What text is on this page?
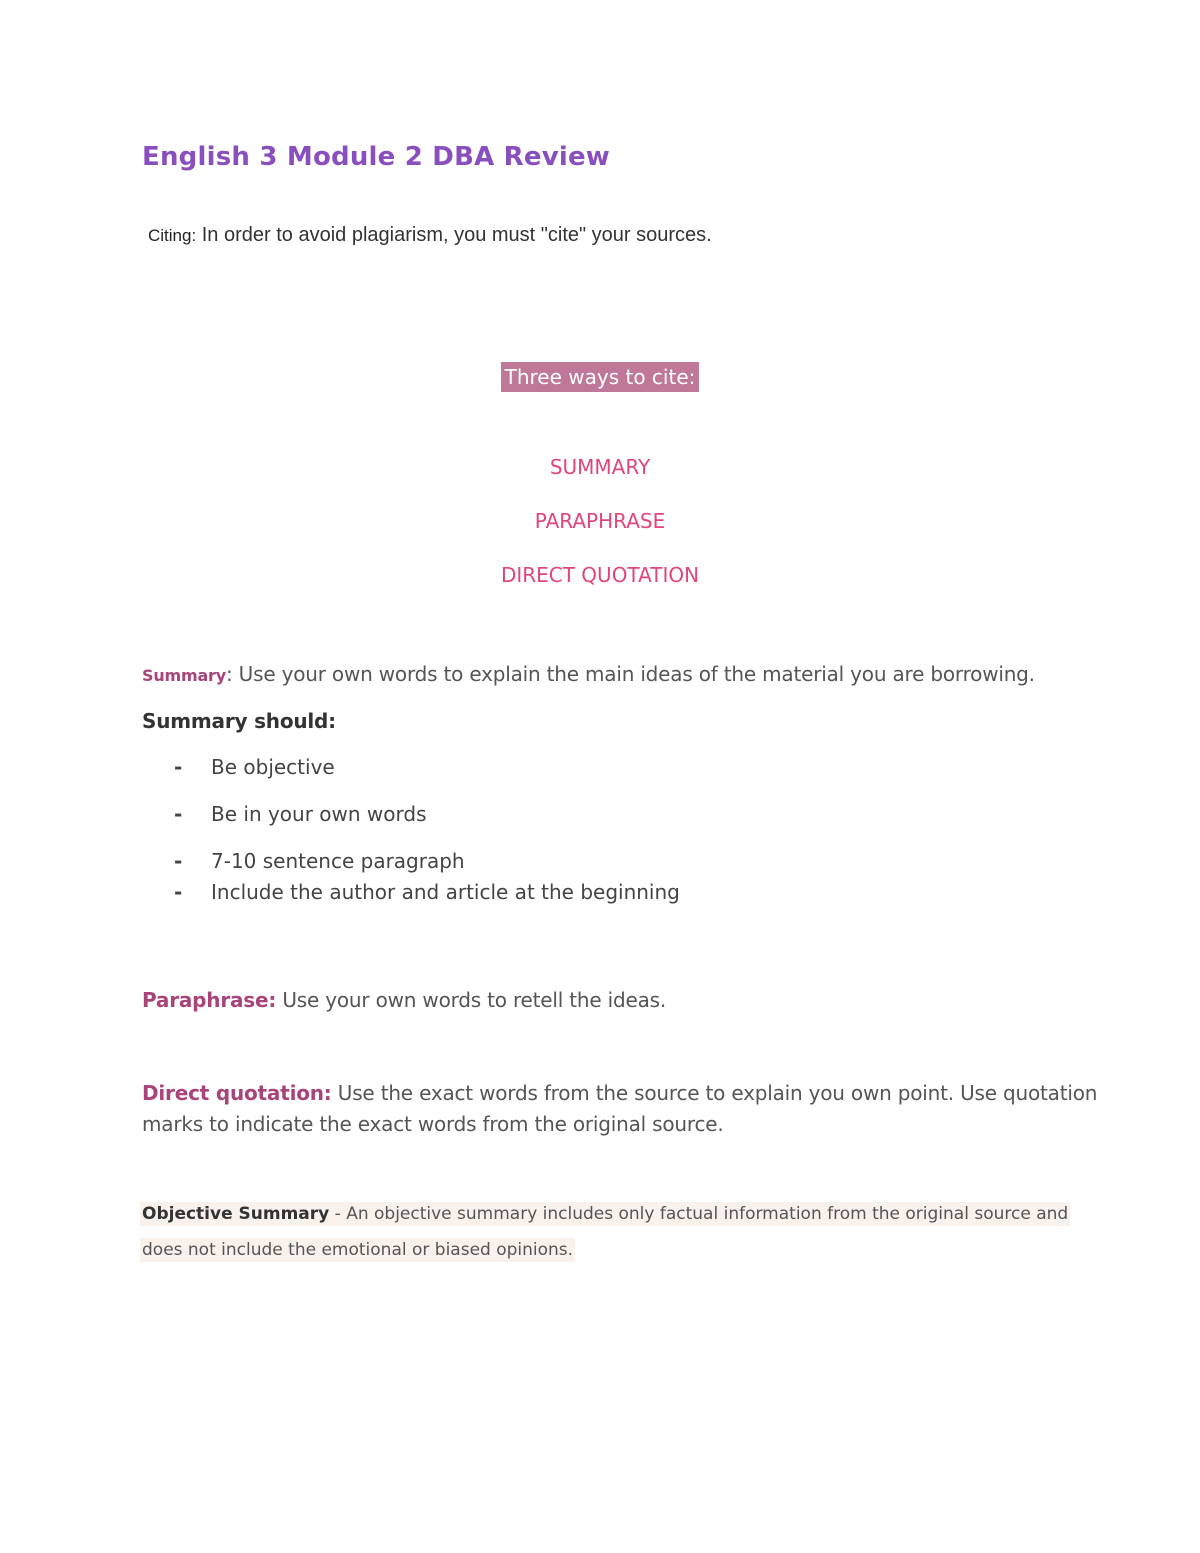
English 3 Module 2 DBA Review
Citing: In order to avoid plagiarism, you must "cite" your sources.
Three ways to cite:
SUMMARY
PARAPHRASE
DIRECT QUOTATION
Summary: Use your own words to explain the main ideas of the material you are borrowing.
Summary should:
- Be objective
- Be in your own words
- 7-10 sentence paragraph
- Include the author and article at the beginning
Paraphrase: Use your own words to retell the ideas.
Direct quotation: Use the exact words from the source to explain you own point. Use quotation
marks to indicate the exact words from the original source.
Objective Summary - An objective summary includes only factual information from the original source and
does not include the emotional or biased opinions.
